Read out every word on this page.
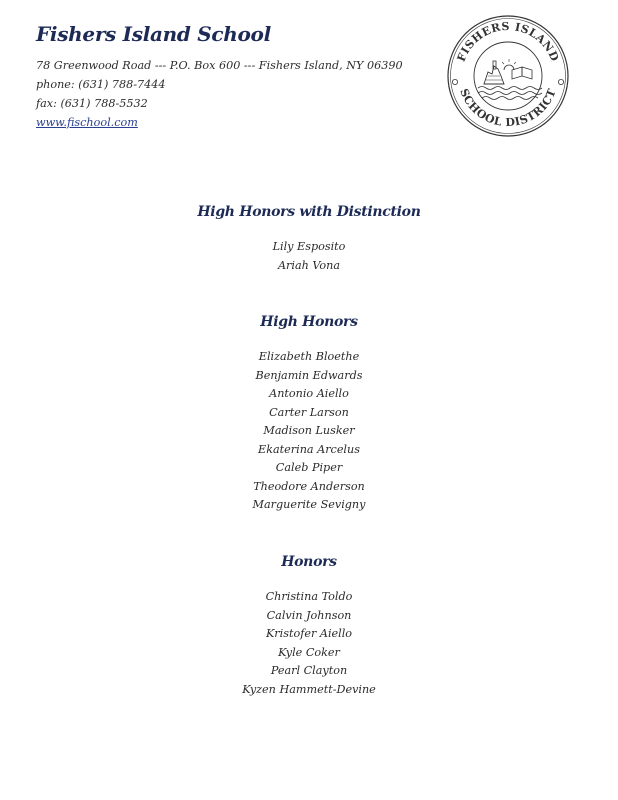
Fishers Island School
78 Greenwood Road --- P.O. Box 600 --- Fishers Island, NY 06390
phone: (631) 788-7444
fax: (631) 788-5532
www.fischool.com
FISHERS ISLAND
SCHOOL DISTRICT
High Honors with Distinction
Lily Esposito
Ariah Vona
High Honors
Elizabeth Bloethe
Benjamin Edwards
Antonio Aiello
Carter Larson
Madison Lusker
Ekaterina Arcelus
Caleb Piper
Theodore Anderson
Marguerite Sevigny
Honors
Christina Toldo
Calvin Johnson
Kristofer Aiello
Kyle Coker
Pearl Clayton
Kyzen Hammett-Devine
